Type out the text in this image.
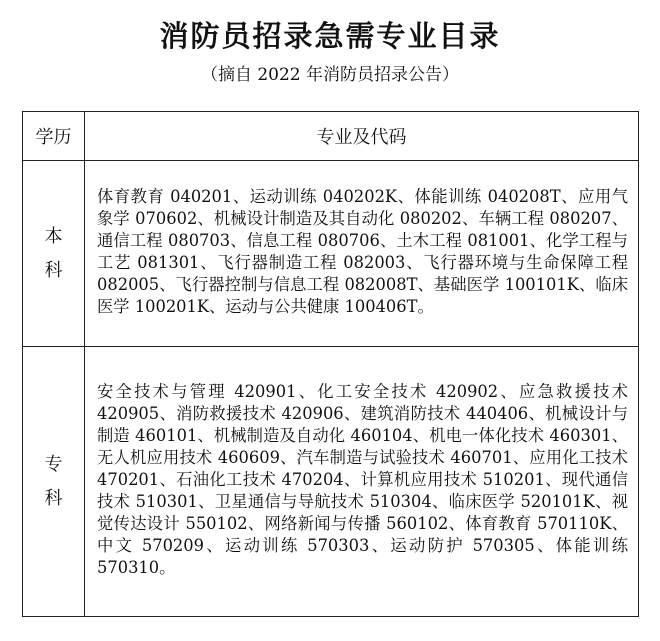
消防员招录急需专业目录
（摘自 2022 年消防员招录公告）
学历	专业及代码

本
科	体育教育 040201、运动训练 040202K、体能训练 040208T、应用气象学 070602、机械设计制造及其自动化 080202、车辆工程 080207、通信工程 080703、信息工程 080706、土木工程 081001、化学工程与工艺 081301、飞行器制造工程 082003、飞行器环境与生命保障工程 082005、飞行器控制与信息工程 082008T、基础医学 100101K、临床医学 100201K、运动与公共健康 100406T。

专
科	安全技术与管理 420901、化工安全技术 420902、应急救援技术 420905、消防救援技术 420906、建筑消防技术 440406、机械设计与制造 460101、机械制造及自动化 460104、机电一体化技术 460301、无人机应用技术 460609、汽车制造与试验技术 460701、应用化工技术 470201、石油化工技术 470204、计算机应用技术 510201、现代通信技术 510301、卫星通信与导航技术 510304、临床医学 520101K、视觉传达设计 550102、网络新闻与传播 560102、体育教育 570110K、中文 570209、运动训练 570303、运动防护 570305、体能训练 570310。
